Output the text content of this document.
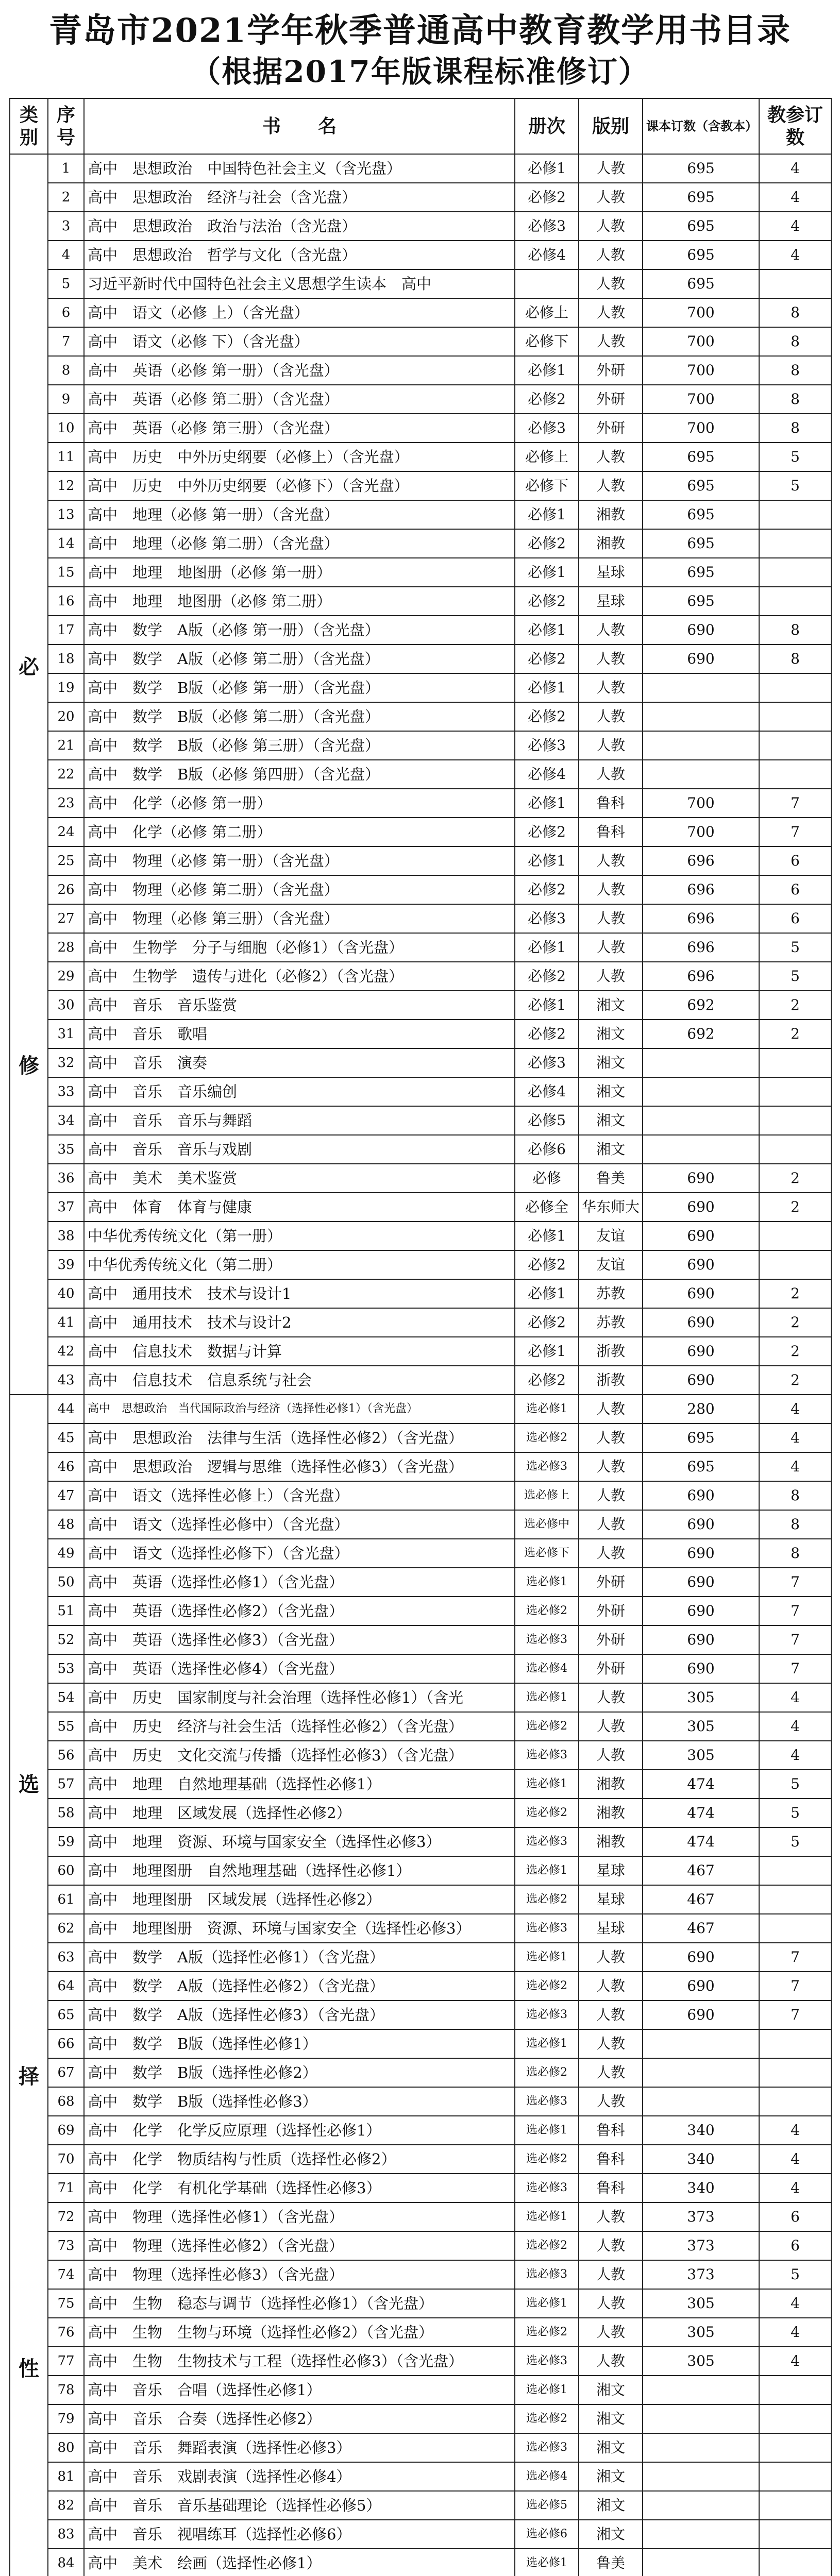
青岛市2021学年秋季普通高中教育教学用书目录
（根据2017年版课程标准修订）
类别	序号	书　　名	册次	版别	课本订数（含教本）	教参订数

必
修	1	高中　思想政治　中国特色社会主义（含光盘）	必修1	人教	695	4
	2	高中　思想政治　经济与社会（含光盘）	必修2	人教	695	4
	3	高中　思想政治　政治与法治（含光盘）	必修3	人教	695	4
	4	高中　思想政治　哲学与文化（含光盘）	必修4	人教	695	4
	5	习近平新时代中国特色社会主义思想学生读本　高中		人教	695	
	6	高中　语文（必修 上）（含光盘）	必修上	人教	700	8
	7	高中　语文（必修 下）（含光盘）	必修下	人教	700	8
	8	高中　英语（必修 第一册）（含光盘）	必修1	外研	700	8
	9	高中　英语（必修 第二册）（含光盘）	必修2	外研	700	8
	10	高中　英语（必修 第三册）（含光盘）	必修3	外研	700	8
	11	高中　历史　中外历史纲要（必修上）（含光盘）	必修上	人教	695	5
	12	高中　历史　中外历史纲要（必修下）（含光盘）	必修下	人教	695	5
	13	高中　地理（必修 第一册）（含光盘）	必修1	湘教	695	
	14	高中　地理（必修 第二册）（含光盘）	必修2	湘教	695	
	15	高中　地理　地图册（必修 第一册）	必修1	星球	695	
	16	高中　地理　地图册（必修 第二册）	必修2	星球	695	
	17	高中　数学　A版（必修 第一册）（含光盘）	必修1	人教	690	8
	18	高中　数学　A版（必修 第二册）（含光盘）	必修2	人教	690	8
	19	高中　数学　B版（必修 第一册）（含光盘）	必修1	人教		
	20	高中　数学　B版（必修 第二册）（含光盘）	必修2	人教		
	21	高中　数学　B版（必修 第三册）（含光盘）	必修3	人教		
	22	高中　数学　B版（必修 第四册）（含光盘）	必修4	人教		
	23	高中　化学（必修 第一册）	必修1	鲁科	700	7
	24	高中　化学（必修 第二册）	必修2	鲁科	700	7
	25	高中　物理（必修 第一册）（含光盘）	必修1	人教	696	6
	26	高中　物理（必修 第二册）（含光盘）	必修2	人教	696	6
	27	高中　物理（必修 第三册）（含光盘）	必修3	人教	696	6
	28	高中　生物学　分子与细胞（必修1）（含光盘）	必修1	人教	696	5
	29	高中　生物学　遗传与进化（必修2）（含光盘）	必修2	人教	696	5
	30	高中　音乐　音乐鉴赏	必修1	湘文	692	2
	31	高中　音乐　歌唱	必修2	湘文	692	2
	32	高中　音乐　演奏	必修3	湘文		
	33	高中　音乐　音乐编创	必修4	湘文		
	34	高中　音乐　音乐与舞蹈	必修5	湘文		
	35	高中　音乐　音乐与戏剧	必修6	湘文		
	36	高中　美术　美术鉴赏	必修	鲁美	690	2
	37	高中　体育　体育与健康	必修全	华东师大	690	2
	38	中华优秀传统文化（第一册）	必修1	友谊	690	
	39	中华优秀传统文化（第二册）	必修2	友谊	690	
	40	高中　通用技术　技术与设计1	必修1	苏教	690	2
	41	高中　通用技术　技术与设计2	必修2	苏教	690	2
	42	高中　信息技术　数据与计算	必修1	浙教	690	2
	43	高中　信息技术　信息系统与社会	必修2	浙教	690	2

选
择
性	44	高中　思想政治　当代国际政治与经济（选择性必修1）（含光盘）	选必修1	人教	280	4
	45	高中　思想政治　法律与生活（选择性必修2）（含光盘）	选必修2	人教	695	4
	46	高中　思想政治　逻辑与思维（选择性必修3）（含光盘）	选必修3	人教	695	4
	47	高中　语文（选择性必修上）（含光盘）	选必修上	人教	690	8
	48	高中　语文（选择性必修中）（含光盘）	选必修中	人教	690	8
	49	高中　语文（选择性必修下）（含光盘）	选必修下	人教	690	8
	50	高中　英语（选择性必修1）（含光盘）	选必修1	外研	690	7
	51	高中　英语（选择性必修2）（含光盘）	选必修2	外研	690	7
	52	高中　英语（选择性必修3）（含光盘）	选必修3	外研	690	7
	53	高中　英语（选择性必修4）（含光盘）	选必修4	外研	690	7
	54	高中　历史　国家制度与社会治理（选择性必修1）（含光	选必修1	人教	305	4
	55	高中　历史　经济与社会生活（选择性必修2）（含光盘）	选必修2	人教	305	4
	56	高中　历史　文化交流与传播（选择性必修3）（含光盘）	选必修3	人教	305	4
	57	高中　地理　自然地理基础（选择性必修1）	选必修1	湘教	474	5
	58	高中　地理　区域发展（选择性必修2）	选必修2	湘教	474	5
	59	高中　地理　资源、环境与国家安全（选择性必修3）	选必修3	湘教	474	5
	60	高中　地理图册　自然地理基础（选择性必修1）	选必修1	星球	467	
	61	高中　地理图册　区域发展（选择性必修2）	选必修2	星球	467	
	62	高中　地理图册　资源、环境与国家安全（选择性必修3）	选必修3	星球	467	
	63	高中　数学　A版（选择性必修1）（含光盘）	选必修1	人教	690	7
	64	高中　数学　A版（选择性必修2）（含光盘）	选必修2	人教	690	7
	65	高中　数学　A版（选择性必修3）（含光盘）	选必修3	人教	690	7
	66	高中　数学　B版（选择性必修1）	选必修1	人教		
	67	高中　数学　B版（选择性必修2）	选必修2	人教		
	68	高中　数学　B版（选择性必修3）	选必修3	人教		
	69	高中　化学　化学反应原理（选择性必修1）	选必修1	鲁科	340	4
	70	高中　化学　物质结构与性质（选择性必修2）	选必修2	鲁科	340	4
	71	高中　化学　有机化学基础（选择性必修3）	选必修3	鲁科	340	4
	72	高中　物理（选择性必修1）（含光盘）	选必修1	人教	373	6
	73	高中　物理（选择性必修2）（含光盘）	选必修2	人教	373	6
	74	高中　物理（选择性必修3）（含光盘）	选必修3	人教	373	5
	75	高中　生物　稳态与调节（选择性必修1）（含光盘）	选必修1	人教	305	4
	76	高中　生物　生物与环境（选择性必修2）（含光盘）	选必修2	人教	305	4
	77	高中　生物　生物技术与工程（选择性必修3）（含光盘）	选必修3	人教	305	4
	78	高中　音乐　合唱（选择性必修1）	选必修1	湘文		
	79	高中　音乐　合奏（选择性必修2）	选必修2	湘文		
	80	高中　音乐　舞蹈表演（选择性必修3）	选必修3	湘文		
	81	高中　音乐　戏剧表演（选择性必修4）	选必修4	湘文		
	82	高中　音乐　音乐基础理论（选择性必修5）	选必修5	湘文		
	83	高中　音乐　视唱练耳（选择性必修6）	选必修6	湘文		
	84	高中　美术　绘画（选择性必修1）	选必修1	鲁美		
